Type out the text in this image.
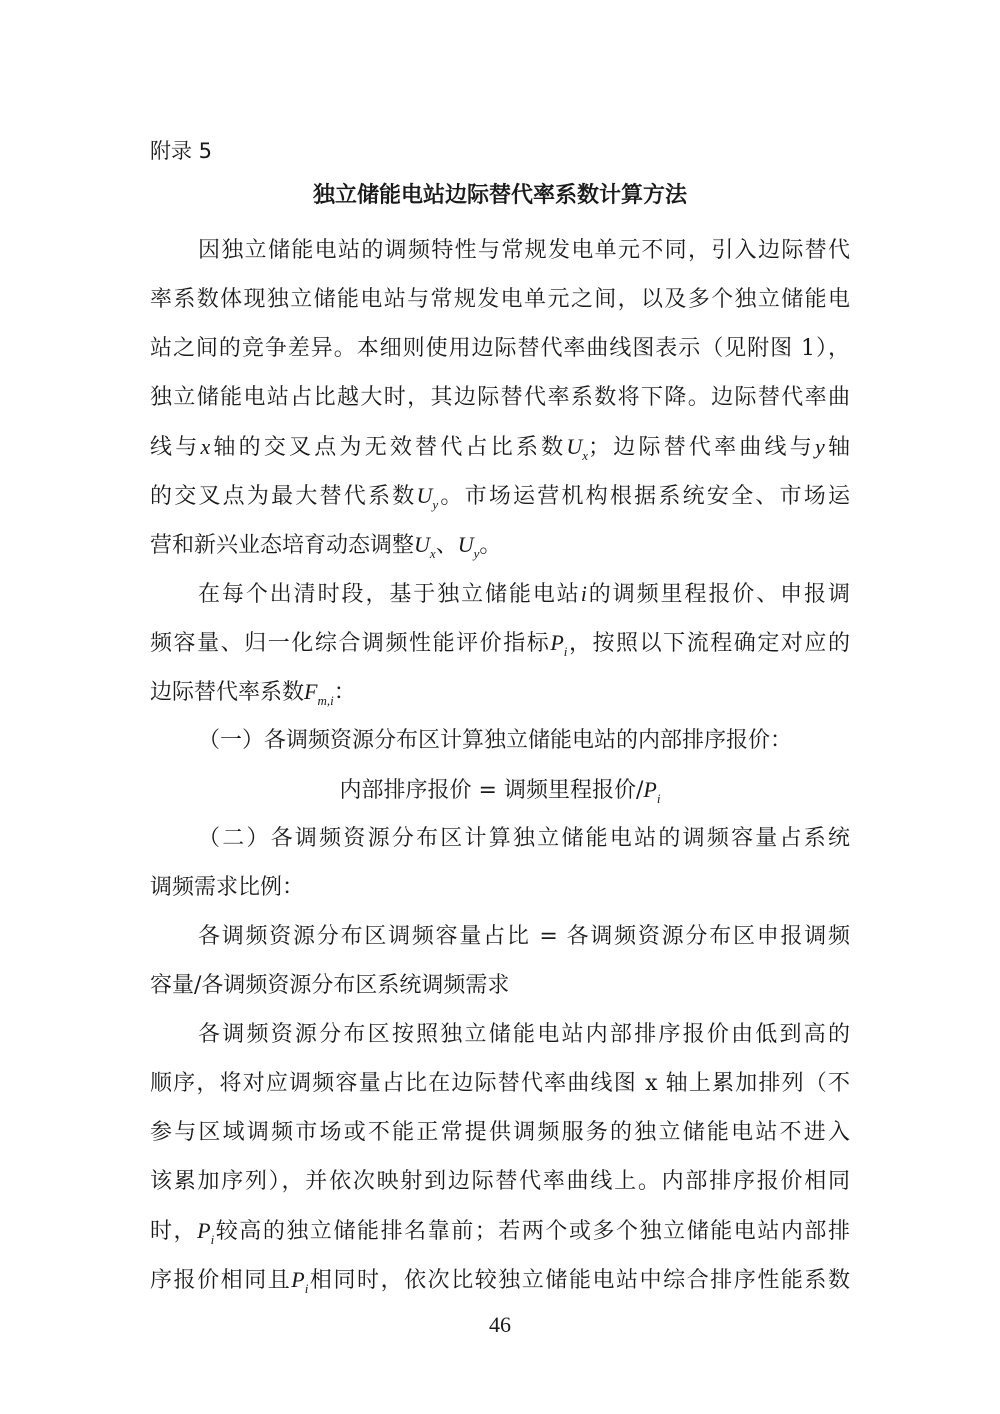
附录 5
独立储能电站边际替代率系数计算方法
因独立储能电站的调频特性与常规发电单元不同，引入边际替代
率系数体现独立储能电站与常规发电单元之间，以及多个独立储能电
站之间的竞争差异。本细则使用边际替代率曲线图表示（见附图 1），
独立储能电站占比越大时，其边际替代率系数将下降。边际替代率曲
线与x轴的交叉点为无效替代占比系数$U_x$；边际替代率曲线与y轴
的交叉点为最大替代系数$U_y$。市场运营机构根据系统安全、市场运
营和新兴业态培育动态调整$U_x$、$U_y$。
在每个出清时段，基于独立储能电站i的调频里程报价、申报调
频容量、归一化综合调频性能评价指标$P_i$，按照以下流程确定对应的
边际替代率系数$F_{m,i}$：
（一）各调频资源分布区计算独立储能电站的内部排序报价：
内部排序报价 = 调频里程报价$/P_i$
（二）各调频资源分布区计算独立储能电站的调频容量占系统
调频需求比例：
各调频资源分布区调频容量占比 = 各调频资源分布区申报调频
容量/各调频资源分布区系统调频需求
各调频资源分布区按照独立储能电站内部排序报价由低到高的
顺序，将对应调频容量占比在边际替代率曲线图 x 轴上累加排列（不
参与区域调频市场或不能正常提供调频服务的独立储能电站不进入
该累加序列），并依次映射到边际替代率曲线上。内部排序报价相同
时，$P_i$较高的独立储能排名靠前；若两个或多个独立储能电站内部排
序报价相同且$P_i$相同时，依次比较独立储能电站中综合排序性能系数
46
